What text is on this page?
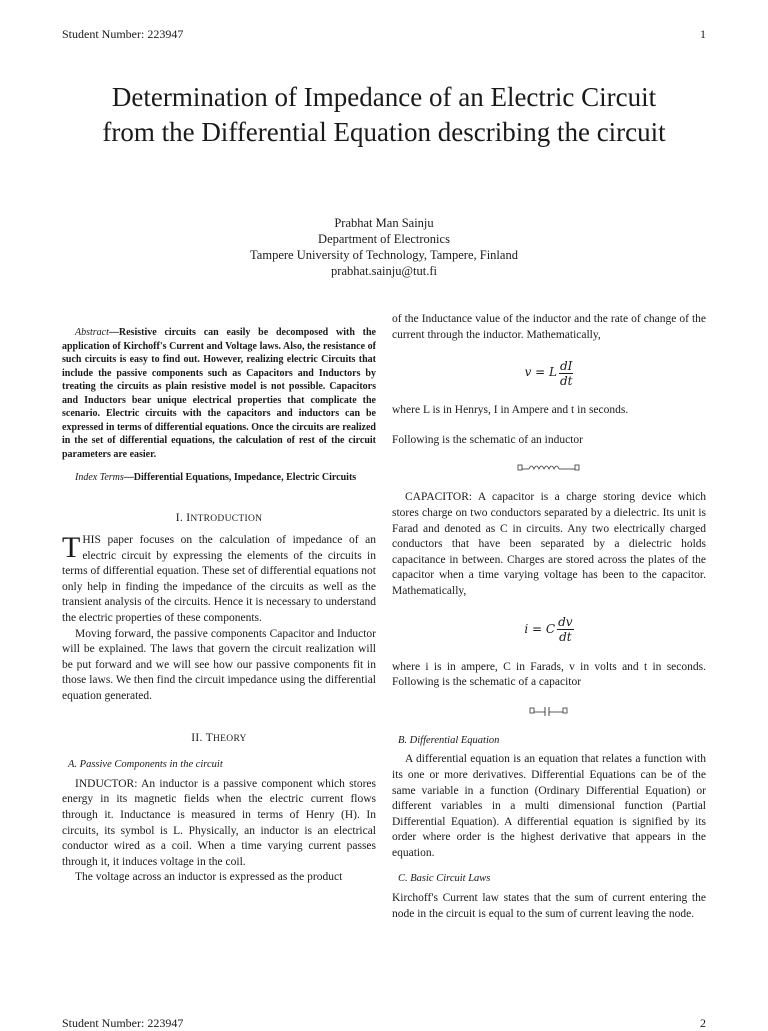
Student Number: 223947	1
Determination of Impedance of an Electric Circuit from the Differential Equation describing the circuit
Prabhat Man Sainju
Department of Electronics
Tampere University of Technology, Tampere, Finland
prabhat.sainju@tut.fi
Abstract—Resistive circuits can easily be decomposed with the application of Kirchoff's Current and Voltage laws. Also, the resistance of such circuits is easy to find out. However, realizing electric Circuits that include the passive components such as Capacitors and Inductors by treating the circuits as plain resistive model is not possible. Capacitors and Inductors bear unique electrical properties that complicate the scenario. Electric circuits with the capacitors and inductors can be expressed in terms of differential equations. Once the circuits are realized in the set of differential equations, the calculation of rest of the circuit parameters are easier.
Index Terms—Differential Equations, Impedance, Electric Circuits
I. INTRODUCTION

THIS paper focuses on the calculation of impedance of an electric circuit by expressing the elements of the circuits in terms of differential equation. These set of differential equations not only help in finding the impedance of the circuits as well as the transient analysis of the circuits. Hence it is necessary to understand the electric properties of these components.

Moving forward, the passive components Capacitor and Inductor will be explained. The laws that govern the circuit realization will be put forward and we will see how our passive components fit in those laws. We then find the circuit impedance using the differential equation generated.

II. THEORY
A. Passive Components in the circuit

INDUCTOR: An inductor is a passive component which stores energy in its magnetic fields when the electric current flows through it. Inductance is measured in terms of Henry (H). In circuits, its symbol is L. Physically, an inductor is an electrical conductor wired as a coil. When a time varying current passes through it, it induces voltage in the coil.

The voltage across an inductor is expressed as the product

of the Inductance value of the inductor and the rate of change of the current through the inductor. Mathematically,

v = L $\frac{dI}{dt}$

where L is in Henrys, I in Ampere and t in seconds.

Following is the schematic of an inductor

CAPACITOR: A capacitor is a charge storing device which stores charge on two conductors separated by a dielectric. Its unit is Farad and denoted as C in circuits. Any two electrically charged conductors that have been separated by a dielectric holds capacitance in between. Charges are stored across the plates of the capacitor when a time varying voltage has been to the capacitor. Mathematically,

i = C $\frac{dv}{dt}$

where i is in ampere, C in Farads, v in volts and t in seconds. Following is the schematic of a capacitor

B. Differential Equation

A differential equation is an equation that relates a function with its one or more derivatives. Differential Equations can be of the same variable in a function (Ordinary Differential Equation) or different variables in a multi dimensional function (Partial Differential Equation). A differential equation is signified by its order where order is the highest derivative that appears in the equation.

C. Basic Circuit Laws

Kirchoff's Current law states that the sum of current entering the node in the circuit is equal to the sum of current leaving the node.

Student Number: 223947	2
